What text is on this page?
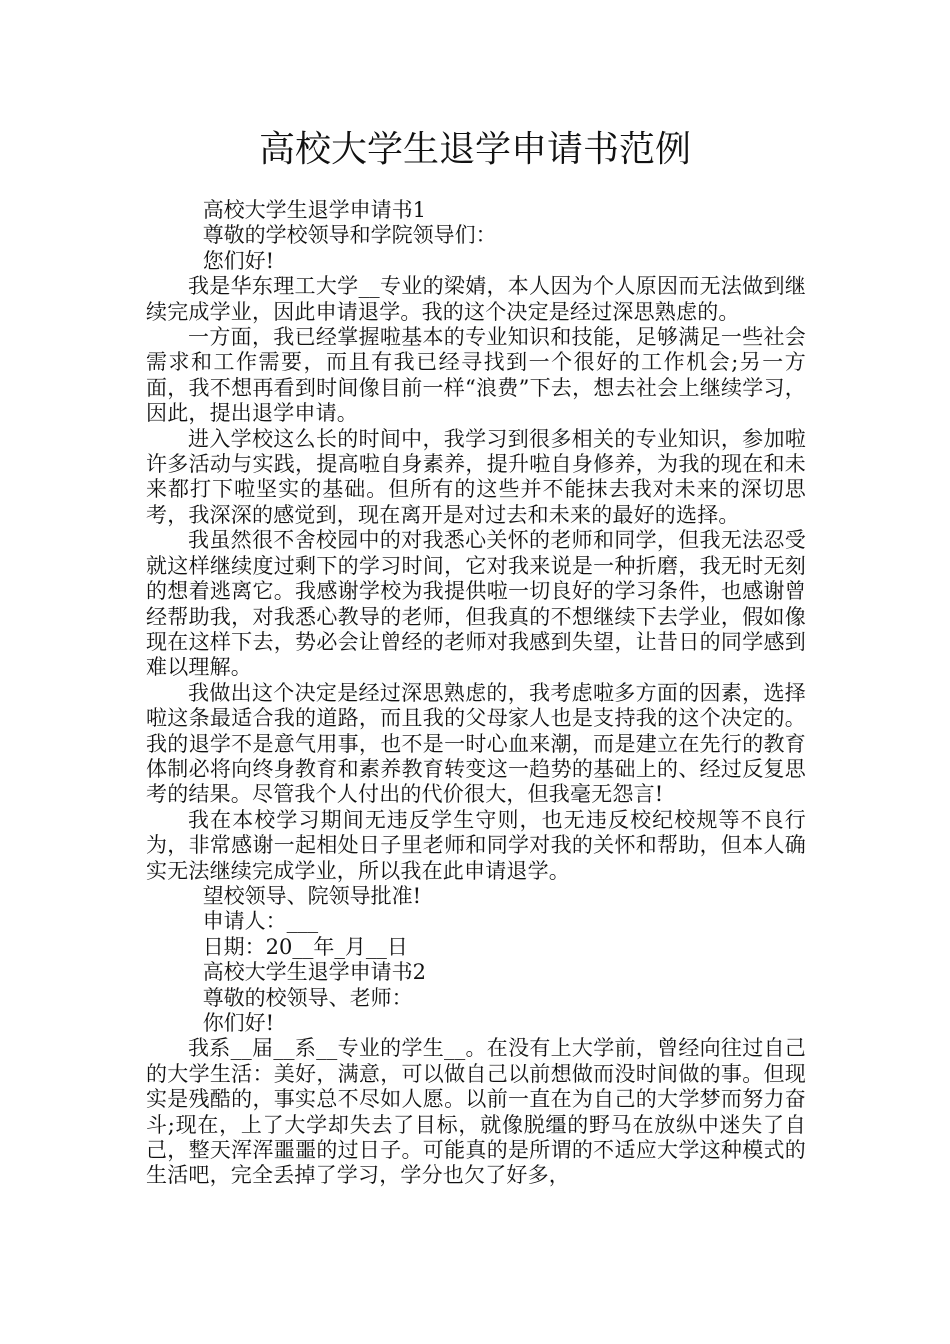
高校大学生退学申请书范例

高校大学生退学申请书1

尊敬的学校领导和学院领导们：

您们好!

我是华东理工大学__专业的梁婧，本人因为个人原因而无法做到继续完成学业，因此申请退学。我的这个决定是经过深思熟虑的。

一方面，我已经掌握啦基本的专业知识和技能，足够满足一些社会需求和工作需要，而且有我已经寻找到一个很好的工作机会;另一方面，我不想再看到时间像目前一样“浪费”下去，想去社会上继续学习，因此，提出退学申请。

进入学校这么长的时间中，我学习到很多相关的专业知识，参加啦许多活动与实践，提高啦自身素养，提升啦自身修养，为我的现在和未来都打下啦坚实的基础。但所有的这些并不能抹去我对未来的深切思考，我深深的感觉到，现在离开是对过去和未来的最好的选择。

我虽然很不舍校园中的对我悉心关怀的老师和同学，但我无法忍受就这样继续度过剩下的学习时间，它对我来说是一种折磨，我无时无刻的想着逃离它。我感谢学校为我提供啦一切良好的学习条件，也感谢曾经帮助我，对我悉心教导的老师，但我真的不想继续下去学业，假如像现在这样下去，势必会让曾经的老师对我感到失望，让昔日的同学感到难以理解。

我做出这个决定是经过深思熟虑的，我考虑啦多方面的因素，选择啦这条最适合我的道路，而且我的父母家人也是支持我的这个决定的。我的退学不是意气用事，也不是一时心血来潮，而是建立在先行的教育体制必将向终身教育和素养教育转变这一趋势的基础上的、经过反复思考的结果。尽管我个人付出的代价很大，但我毫无怨言!

我在本校学习期间无违反学生守则，也无违反校纪校规等不良行为，非常感谢一起相处日子里老师和同学对我的关怀和帮助，但本人确实无法继续完成学业，所以我在此申请退学。

望校领导、院领导批准!

申请人：___

日期：20__年_月__日

高校大学生退学申请书2

尊敬的校领导、老师：

你们好!

我系__届__系__专业的学生__。在没有上大学前，曾经向往过自己的大学生活：美好，满意，可以做自己以前想做而没时间做的事。但现实是残酷的，事实总不尽如人愿。以前一直在为自己的大学梦而努力奋斗;现在，上了大学却失去了目标，就像脱缰的野马在放纵中迷失了自己，整天浑浑噩噩的过日子。可能真的是所谓的不适应大学这种模式的生活吧，完全丢掉了学习，学分也欠了好多，
